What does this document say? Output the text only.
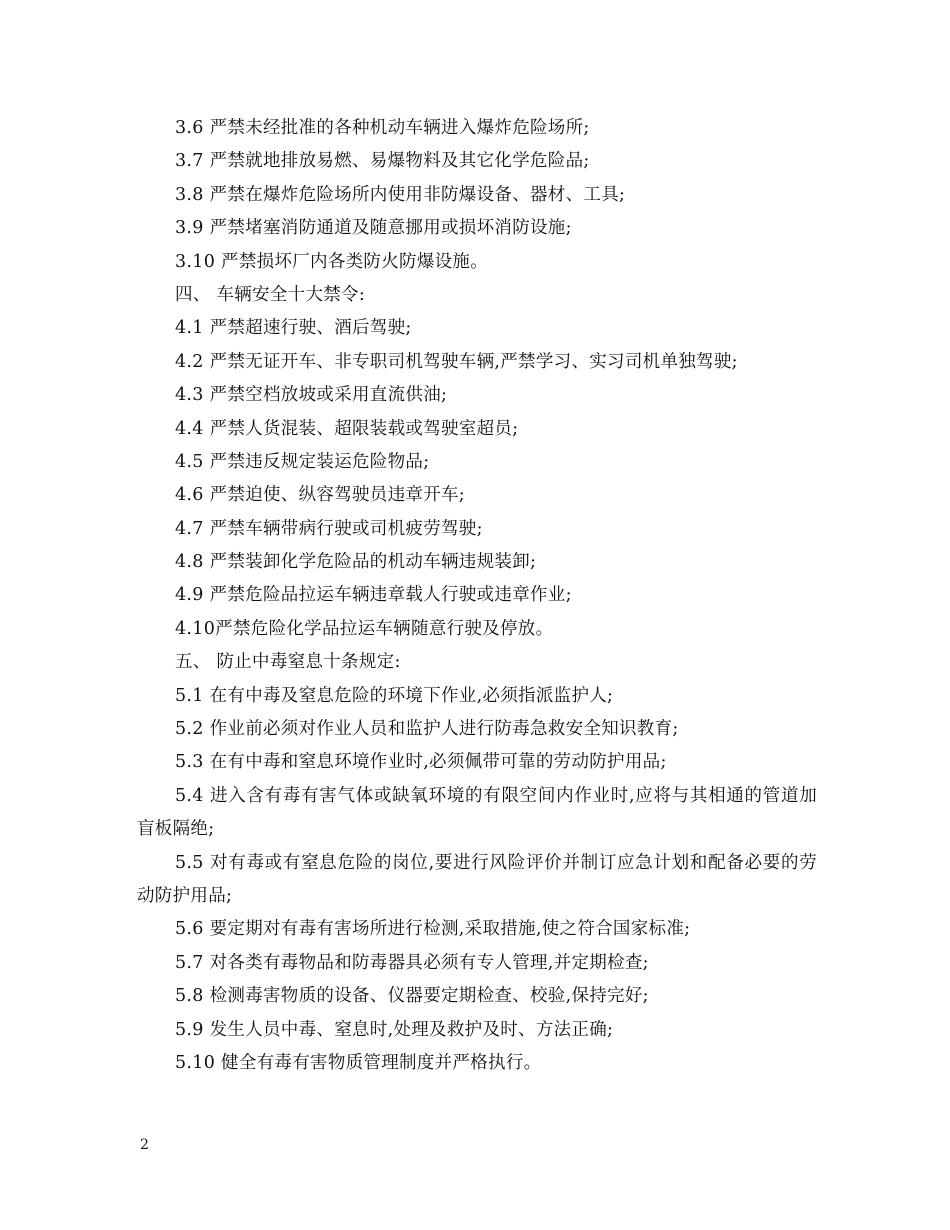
3.6 严禁未经批准的各种机动车辆进入爆炸危险场所;
3.7 严禁就地排放易燃、易爆物料及其它化学危险品;
3.8 严禁在爆炸危险场所内使用非防爆设备、器材、工具;
3.9 严禁堵塞消防通道及随意挪用或损坏消防设施;
3.10 严禁损坏厂内各类防火防爆设施。
四、 车辆安全十大禁令:
4.1 严禁超速行驶、酒后驾驶;
4.2 严禁无证开车、非专职司机驾驶车辆,严禁学习、实习司机单独驾驶;
4.3 严禁空档放坡或采用直流供油;
4.4 严禁人货混装、超限装载或驾驶室超员;
4.5 严禁违反规定装运危险物品;
4.6 严禁迫使、纵容驾驶员违章开车;
4.7 严禁车辆带病行驶或司机疲劳驾驶;
4.8 严禁装卸化学危险品的机动车辆违规装卸;
4.9 严禁危险品拉运车辆违章载人行驶或违章作业;
4.10严禁危险化学品拉运车辆随意行驶及停放。
五、 防止中毒窒息十条规定:
5.1 在有中毒及窒息危险的环境下作业,必须指派监护人;
5.2 作业前必须对作业人员和监护人进行防毒急救安全知识教育;
5.3 在有中毒和窒息环境作业时,必须佩带可靠的劳动防护用品;
5.4 进入含有毒有害气体或缺氧环境的有限空间内作业时,应将与其相通的管道加盲板隔绝;
5.5 对有毒或有窒息危险的岗位,要进行风险评价并制订应急计划和配备必要的劳动防护用品;
5.6 要定期对有毒有害场所进行检测,采取措施,使之符合国家标准;
5.7 对各类有毒物品和防毒器具必须有专人管理,并定期检查;
5.8 检测毒害物质的设备、仪器要定期检查、校验,保持完好;
5.9 发生人员中毒、窒息时,处理及救护及时、方法正确;
5.10 健全有毒有害物质管理制度并严格执行。
2
